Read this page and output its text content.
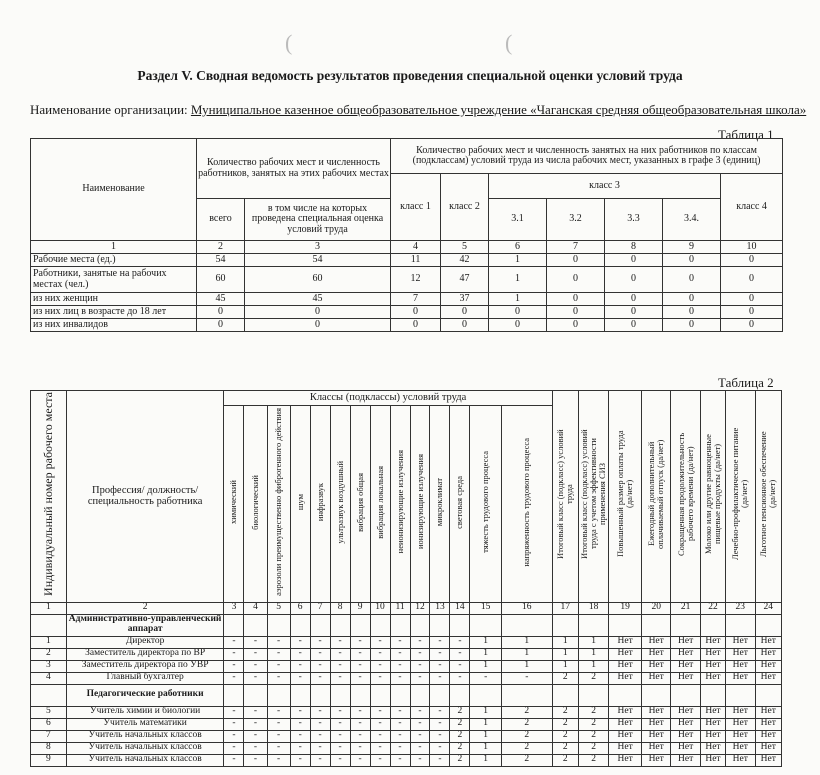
(	(
Раздел V. Сводная ведомость результатов проведения специальной оценки условий труда
Наименование организации: Муниципальное казенное общеобразовательное учреждение «Чаганская средняя общеобразовательная школа»
Таблица 1
Наименование	Количество рабочих мест и численность работников, занятых на этих рабочих местах		Количество рабочих мест и численность занятых на них работников по классам (подклассам) условий труда из числа рабочих мест, указанных в графе 3 (единиц)						
			класс 1	класс 2	класс 3				класс 4
	всего	в том числе на которых проведена специальная оценка условий труда			3.1	3.2	3.3	3.4.	
1	2	3	4	5	6	7	8	9	10
Рабочие места (ед.)	54	54	11	42	1	0	0	0	0
Работники, занятые на рабочих местах (чел.)	60	60	12	47	1	0	0	0	0
из них женщин	45	45	7	37	1	0	0	0	0
из них лиц в возрасте до 18 лет	0	0	0	0	0	0	0	0	0
из них инвалидов	0	0	0	0	0	0	0	0	0
Таблица 2
Индивидуальный номер рабочего места	Профессия/ должность/ специальность работника	Классы (подклассы) условий труда														Итоговый класс (подкласс) условий труда	Итоговый класс (подкласс) условий труда с учетом эффективности применения СИЗ	Повышенный размер оплаты труда (да/нет)	Ежегодный дополнительный оплачиваемый отпуск (да/нет)	Сокращенная продолжительность рабочего времени (да/нет)	Молоко или другие равноценные пищевые продукты (да/нет)	Лечебно-профилактическое питание (да/нет)	Льготное пенсионное обеспечение (да/нет)
		химический	биологический	аэрозоли преимущественно фиброгенного действия	шум	инфразвук	ультразвук воздушный	вибрация общая	вибрация локальная	неионизирующие излучения	ионизирующие излучения	микроклимат	световая среда	тяжесть трудового процесса	напряженность трудового процесса								
1	2	3	4	5	6	7	8	9	10	11	12	13	14	15	16	17	18	19	20	21	22	23	24
	Административно-управленческий аппарат																						
1	Директор	-	-	-	-	-	-	-	-	-	-	-	-	1	1	1	1	Нет	Нет	Нет	Нет	Нет	Нет
2	Заместитель директора по ВР	-	-	-	-	-	-	-	-	-	-	-	-	1	1	1	1	Нет	Нет	Нет	Нет	Нет	Нет
3	Заместитель директора по УВР	-	-	-	-	-	-	-	-	-	-	-	-	1	1	1	1	Нет	Нет	Нет	Нет	Нет	Нет
4	Главный бухгалтер	-	-	-	-	-	-	-	-	-	-	-	-	-	-	2	2	Нет	Нет	Нет	Нет	Нет	Нет
	Педагогические работники																						
5	Учитель химии и биологии	-	-	-	-	-	-	-	-	-	-	-	2	1	2	2	2	Нет	Нет	Нет	Нет	Нет	Нет
6	Учитель математики	-	-	-	-	-	-	-	-	-	-	-	2	1	2	2	2	Нет	Нет	Нет	Нет	Нет	Нет
7	Учитель начальных классов	-	-	-	-	-	-	-	-	-	-	-	2	1	2	2	2	Нет	Нет	Нет	Нет	Нет	Нет
8	Учитель начальных классов	-	-	-	-	-	-	-	-	-	-	-	2	1	2	2	2	Нет	Нет	Нет	Нет	Нет	Нет
9	Учитель начальных классов	-	-	-	-	-	-	-	-	-	-	-	2	1	2	2	2	Нет	Нет	Нет	Нет	Нет	Нет
